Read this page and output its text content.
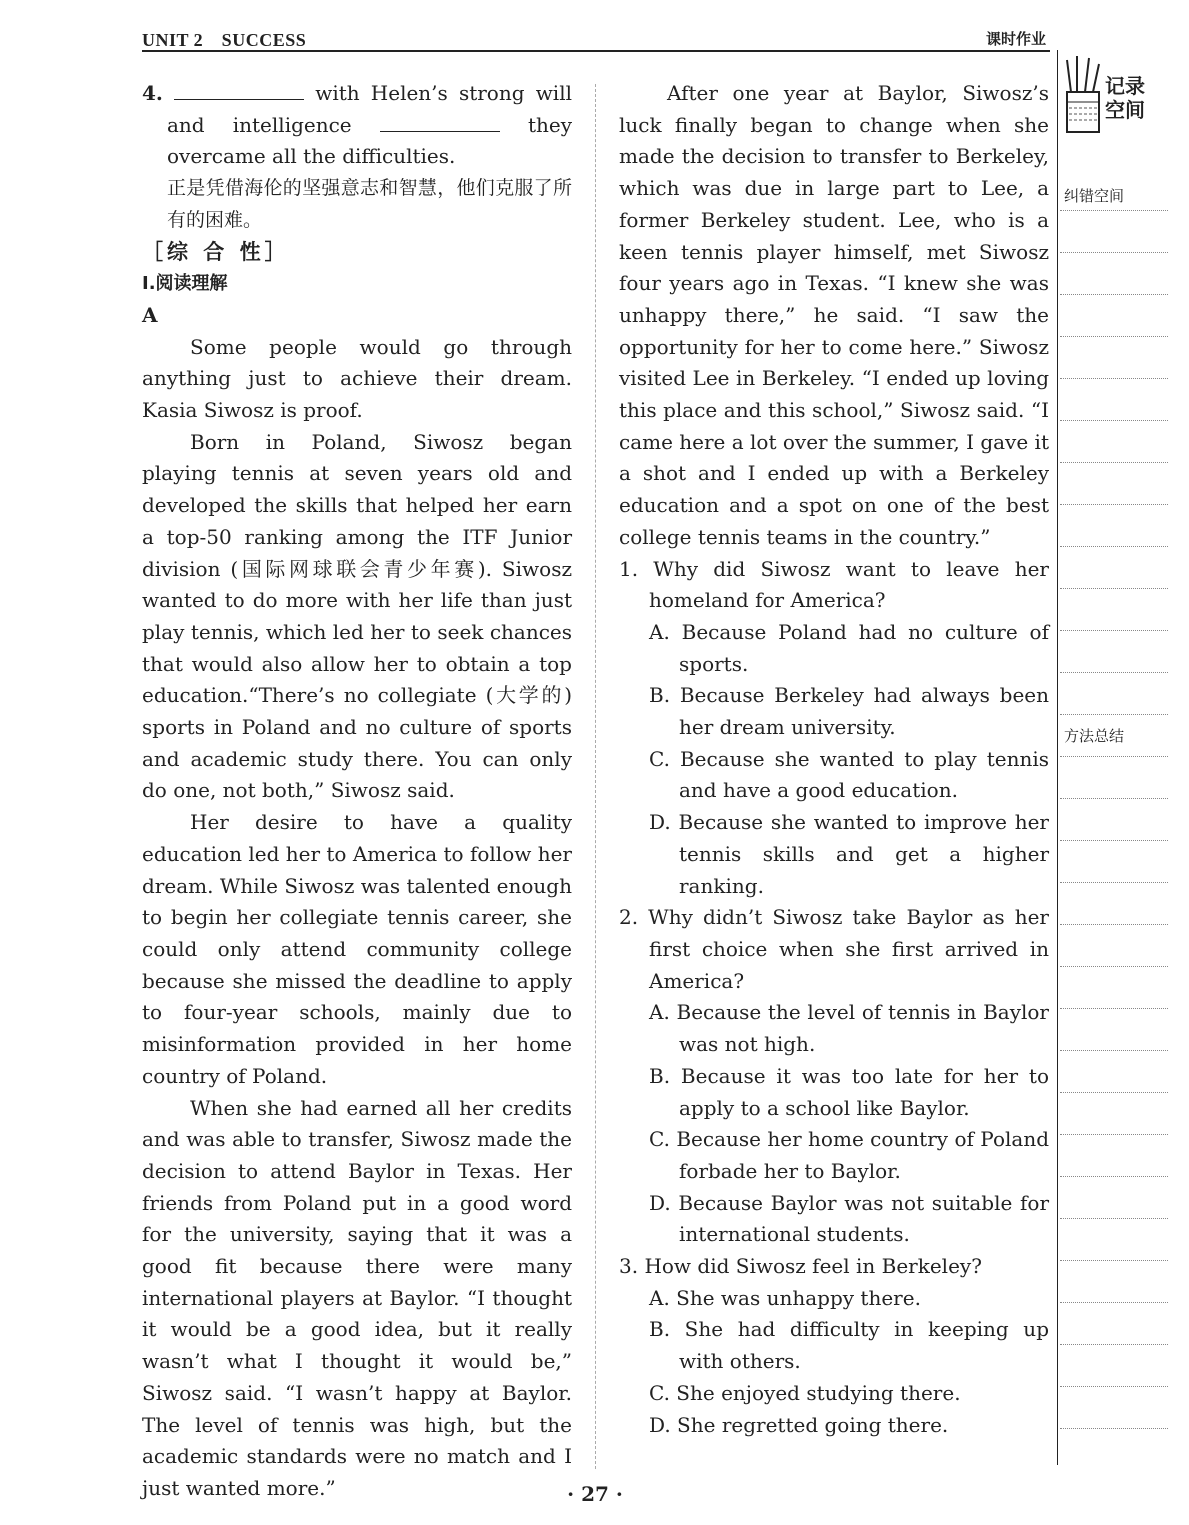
UNIT 2　SUCCESS	课时作业
记录空间
纠错空间
方法总结

4.	with Helen’s strong will and intelligence	they overcame all the difficulties.

正是凭借海伦的坚强意志和智慧，他们克服了所有的困难。

［综 合 性］

Ⅰ.阅读理解

A

Some people would go through anything just to achieve their dream. Kasia Siwosz is proof.

Born in Poland, Siwosz began playing tennis at seven years old and developed the skills that helped her earn a top-50 ranking among the ITF Junior division (国际网球联会青少年赛). Siwosz wanted to do more with her life than just play tennis, which led her to seek chances that would also allow her to obtain a top education.“There’s no collegiate (大学的) sports in Poland and no culture of sports and academic study there. You can only do one, not both,” Siwosz said.

Her desire to have a quality education led her to America to follow her dream. While Siwosz was talented enough to begin her collegiate tennis career, she could only attend community college because she missed the deadline to apply to four-year schools, mainly due to misinformation provided in her home country of Poland.

When she had earned all her credits and was able to transfer, Siwosz made the decision to attend Baylor in Texas. Her friends from Poland put in a good word for the university, saying that it was a good fit because there were many international players at Baylor. “I thought it would be a good idea, but it really wasn’t what I thought it would be,” Siwosz said. “I wasn’t happy at Baylor. The level of tennis was high, but the academic standards were no match and I just wanted more.”

After one year at Baylor, Siwosz’s luck finally began to change when she made the decision to transfer to Berkeley, which was due in large part to Lee, a former Berkeley student. Lee, who is a keen tennis player himself, met Siwosz four years ago in Texas. “I knew she was unhappy there,” he said. “I saw the opportunity for her to come here.” Siwosz visited Lee in Berkeley. “I ended up loving this place and this school,” Siwosz said. “I came here a lot over the summer, I gave it a shot and I ended up with a Berkeley education and a spot on one of the best college tennis teams in the country.”

1. Why did Siwosz want to leave her homeland for America?

A. Because Poland had no culture of sports.

B. Because Berkeley had always been her dream university.

C. Because she wanted to play tennis and have a good education.

D. Because she wanted to improve her tennis skills and get a higher ranking.

2. Why didn’t Siwosz take Baylor as her first choice when she first arrived in America?

A. Because the level of tennis in Baylor was not high.

B. Because it was too late for her to apply to a school like Baylor.

C. Because her home country of Poland forbade her to Baylor.

D. Because Baylor was not suitable for international students.

3. How did Siwosz feel in Berkeley?

A. She was unhappy there.

B. She had difficulty in keeping up with others.

C. She enjoyed studying there.

D. She regretted going there.

· 27 ·
